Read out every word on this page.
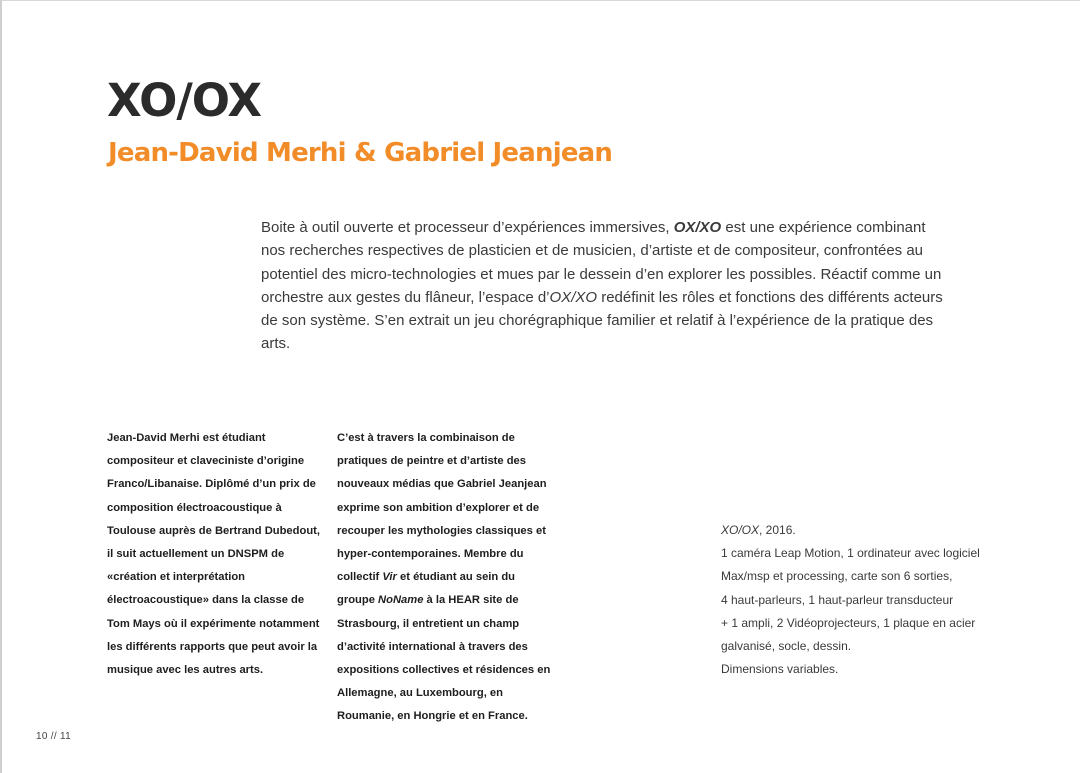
XO/OX
Jean-David Merhi & Gabriel Jeanjean

Boite à outil ouverte et processeur d’expériences immersives, OX/XO est une expérience combinant nos recherches respectives de plasticien et de musicien, d’artiste et de compositeur, confrontées au potentiel des micro-technologies et mues par le dessein d’en explorer les possibles. Réactif comme un orchestre aux gestes du flâneur, l’espace d’OX/XO redéfinit les rôles et fonctions des différents acteurs de son système. S’en extrait un jeu chorégraphique familier et relatif à l’expérience de la pratique des arts.

Jean-David Merhi est étudiant
compositeur et claveciniste d’origine
Franco/Libanaise. Diplômé d’un prix de
composition électroacoustique à
Toulouse auprès de Bertrand Dubedout,
il suit actuellement un DNSPM de
«création et interprétation
électroacoustique» dans la classe de
Tom Mays où il expérimente notamment
les différents rapports que peut avoir la
musique avec les autres arts.
C’est à travers la combinaison de
pratiques de peintre et d’artiste des
nouveaux médias que Gabriel Jeanjean
exprime son ambition d’explorer et de
recouper les mythologies classiques et
hyper-contemporaines. Membre du
collectif Vir et étudiant au sein du
groupe NoName à la HEAR site de
Strasbourg, il entretient un champ
d’activité international à travers des
expositions collectives et résidences en
Allemagne, au Luxembourg, en
Roumanie, en Hongrie et en France.
XO/OX, 2016.
1 caméra Leap Motion, 1 ordinateur avec logiciel
Max/msp et processing, carte son 6 sorties,
4 haut-parleurs, 1 haut-parleur transducteur
+ 1 ampli, 2 Vidéoprojecteurs, 1 plaque en acier
galvanisé, socle, dessin.
Dimensions variables.
10 // 11
